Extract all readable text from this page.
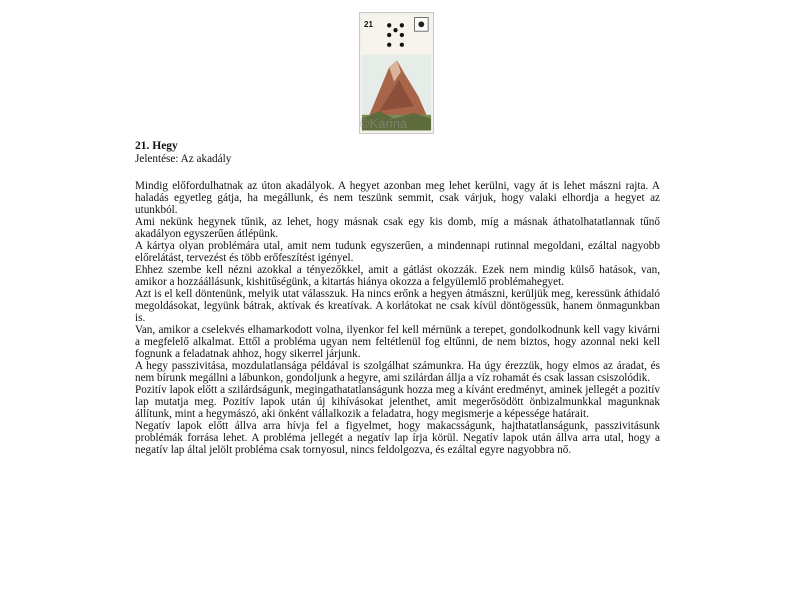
21
©Karina

21. Hegy

Jelentése: Az akadály

Mindig előfordulhatnak az úton akadályok. A hegyet azonban meg lehet kerülni, vagy át is lehet mászni rajta. A haladás egyetleg gátja, ha megállunk, és nem teszünk semmit, csak várjuk, hogy valaki elhordja a hegyet az utunkból.

Ami nekünk hegynek tűnik, az lehet, hogy másnak csak egy kis domb, míg a másnak áthatolhatatlannak tűnő akadályon egyszerűen átlépünk.

A kártya olyan problémára utal, amit nem tudunk egyszerűen, a mindennapi rutinnal megoldani, ezáltal nagyobb előrelátást, tervezést és több erőfeszítést igényel.

Ehhez szembe kell nézni azokkal a tényezőkkel, amit a gátlást okozzák. Ezek nem mindig külső hatások, van, amikor a hozzáállásunk, kishitűségünk, a kitartás hiánya okozza a felgyülemlő problémahegyet.

Azt is el kell döntenünk, melyik utat válasszuk. Ha nincs erőnk a hegyen átmászni, kerüljük meg, keressünk áthidaló megoldásokat, legyünk bátrak, aktívak és kreatívak. A korlátokat ne csak kívül döntögessük, hanem önmagunkban is.

Van, amikor a cselekvés elhamarkodott volna, ilyenkor fel kell mérnünk a terepet, gondolkodnunk kell vagy kivárni a megfelelő alkalmat. Ettől a probléma ugyan nem feltétlenül fog eltűnni, de nem biztos, hogy azonnal neki kell fognunk a feladatnak ahhoz, hogy sikerrel járjunk.

A hegy passzivitása, mozdulatlansága példával is szolgálhat számunkra. Ha úgy érezzük, hogy elmos az áradat, és nem bírunk megállni a lábunkon, gondoljunk a hegyre, ami szilárdan állja a víz rohamát és csak lassan csiszolódik.

Pozitív lapok előtt a szilárdságunk, megingathatatlanságunk hozza meg a kívánt eredményt, aminek jellegét a pozitív lap mutatja meg. Pozitív lapok után új kihívásokat jelenthet, amit megerősödött önbizalmunkkal magunknak állítunk, mint a hegymászó, aki önként vállalkozik a feladatra, hogy megismerje a képessége határait.

Negatív lapok előtt állva arra hívja fel a figyelmet, hogy makacsságunk, hajthatatlanságunk, passzivitásunk problémák forrása lehet. A probléma jellegét a negatív lap írja körül. Negatív lapok után állva arra utal, hogy a negatív lap által jelölt probléma csak tornyosul, nincs feldolgozva, és ezáltal egyre nagyobbra nő.
